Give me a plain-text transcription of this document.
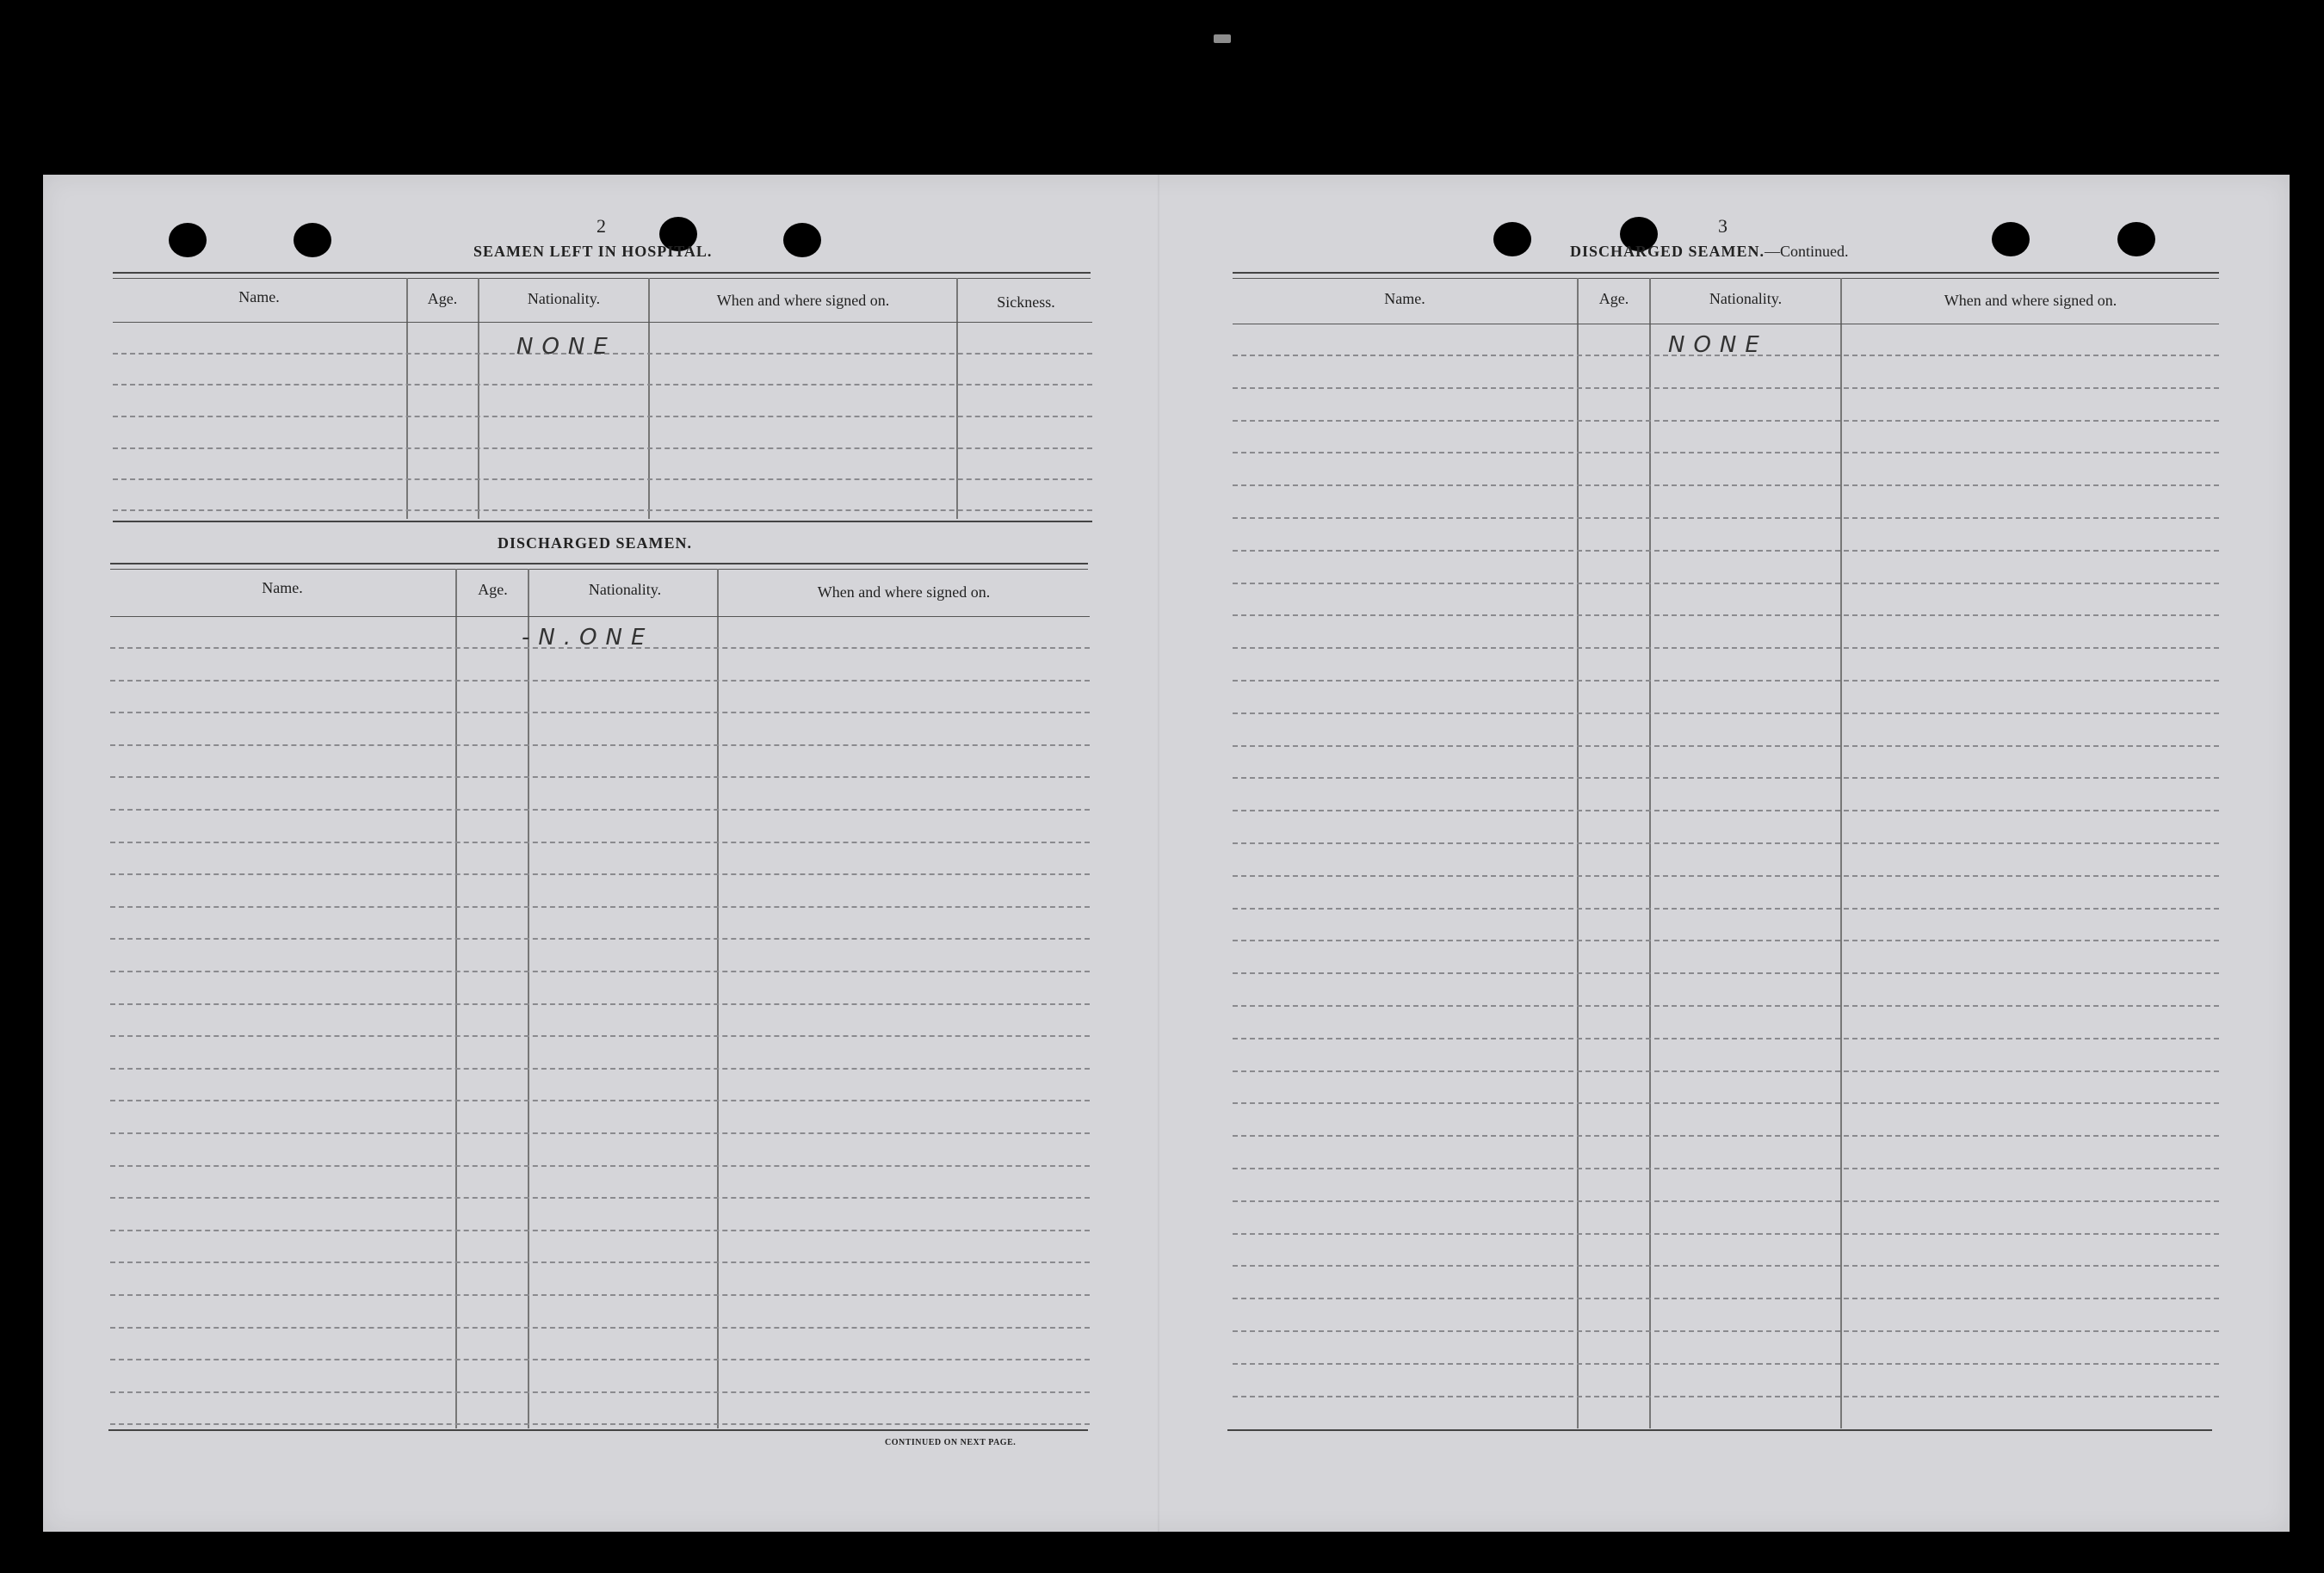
2
SEAMEN LEFT IN HOSPITAL.
Name.	Age.	Nationality.	When and where signed on.	Sickness.
NONE
DISCHARGED SEAMEN.
Name.	Age.	Nationality.	When and where signed on.
-N.ONE
CONTINUED ON NEXT PAGE.
3
DISCHARGED SEAMEN.—Continued.
Name.	Age.	Nationality.	When and where signed on.
NONE
